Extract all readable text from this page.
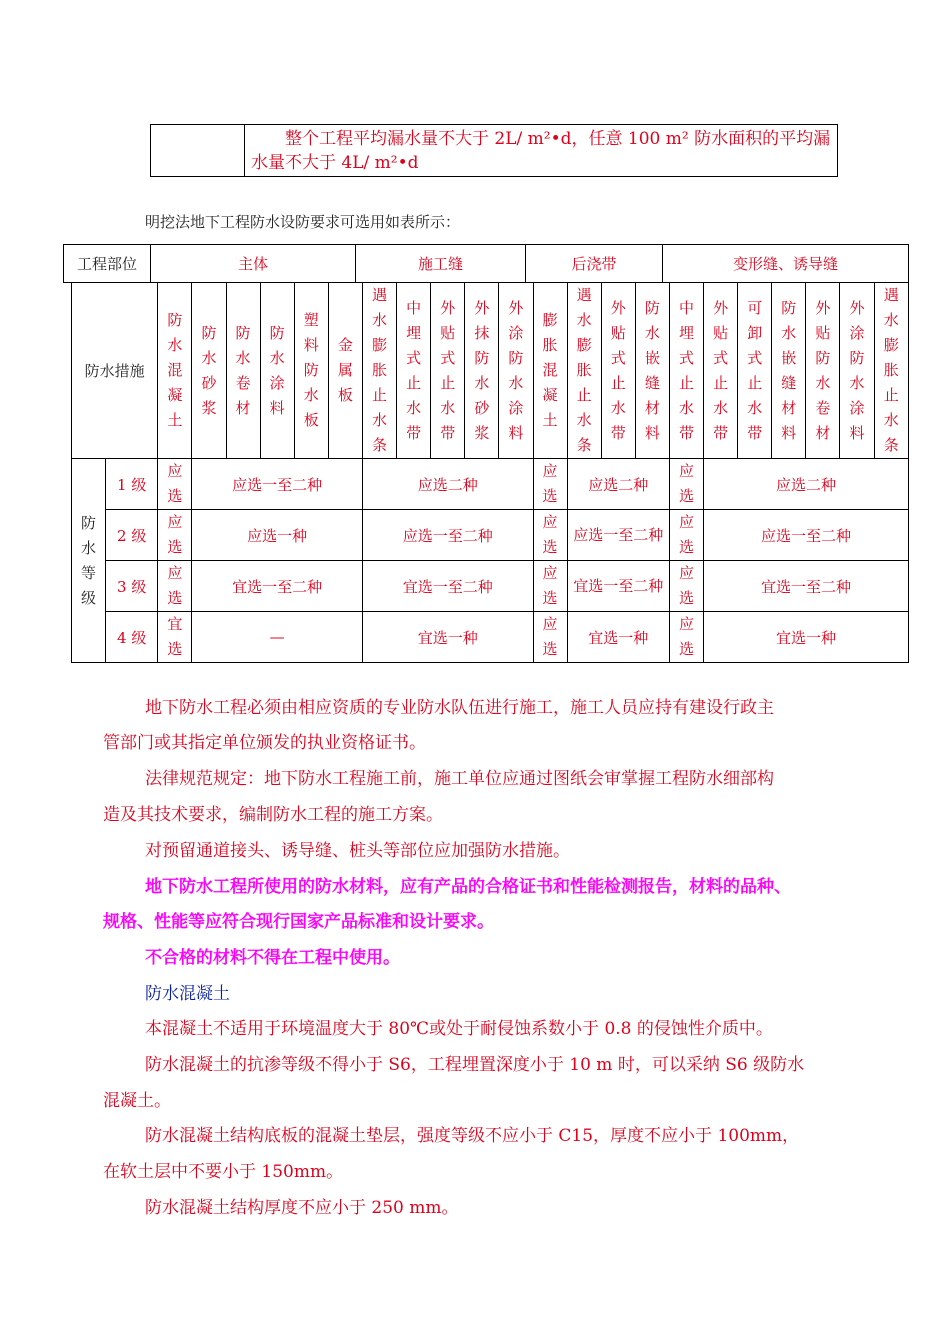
	整个工程平均漏水量不大于 2L/ m²•d，任意 100 m² 防水面积的平均漏水量不大于 4L/ m²•d
明挖法地下工程防水设防要求可选用如表所示：
工程部位	主体	施工缝	后浇带	变形缝、诱导缝
防水措施		防水混凝土	防水砂浆	防水卷材	防水涂料	塑料防水板	金属板	遇水膨胀止水条	中埋式止水带	外贴式止水带	外抹防水砂浆	外涂防水涂料	膨胀混凝土	遇水膨胀止水条	外贴式止水带	防水嵌缝材料	中埋式止水带	外贴式止水带	可卸式止水带	防水嵌缝材料	外贴防水卷材	外涂防水涂料	遇水膨胀止水条

防水等级	1 级	应选	应选一至二种					应选二种					应选	应选二种			应选	应选二种					
	2 级	应选	应选一种					应选一至二种					应选	应选一至二种			应选	应选一至二种					
	3 级	应选	宜选一至二种					宜选一至二种					应选	宜选一至二种			应选	宜选一至二种					
	4 级	宜选	—					宜选一种					应选	宜选一种			应选	宜选一种					
地下防水工程必须由相应资质的专业防水队伍进行施工，施工人员应持有建设行政主
管部门或其指定单位颁发的执业资格证书。
法律规范规定：地下防水工程施工前，施工单位应通过图纸会审掌握工程防水细部构
造及其技术要求，编制防水工程的施工方案。
对预留通道接头、诱导缝、桩头等部位应加强防水措施。
地下防水工程所使用的防水材料，应有产品的合格证书和性能检测报告，材料的品种、
规格、性能等应符合现行国家产品标准和设计要求。
不合格的材料不得在工程中使用。
防水混凝土
本混凝土不适用于环境温度大于 80℃或处于耐侵蚀系数小于 0.8 的侵蚀性介质中。
防水混凝土的抗渗等级不得小于 S6，工程埋置深度小于 10 m 时，可以采纳 S6 级防水
混凝土。
防水混凝土结构底板的混凝土垫层，强度等级不应小于 C15，厚度不应小于 100mm，
在软土层中不要小于 150mm。
防水混凝土结构厚度不应小于 250 mm。
